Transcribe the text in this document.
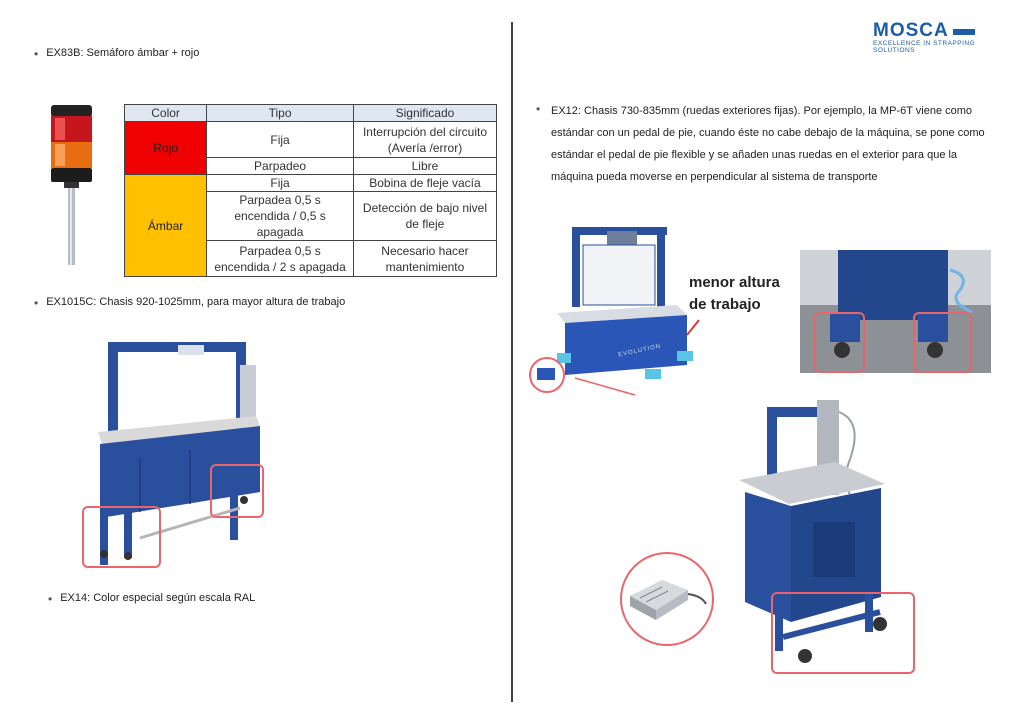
MOSCA
EXCELLENCE IN STRAPPING SOLUTIONS
• EX83B: Semáforo ámbar + rojo
Color	Tipo	Significado
Rojo	Fija	Interrupción del circuito (Avería /error)
	Parpadeo	Libre
Ámbar	Fija	Bobina de fleje vacía
	Parpadea 0,5 s encendida / 0,5 s apagada	Detección de bajo nivel de fleje
	Parpadea 0,5 s encendida / 2 s apagada	Necesario hacer mantenimiento
• EX1015C: Chasis 920-1025mm, para mayor altura de trabajo
• EX14: Color especial según escala RAL
• EX12: Chasis 730-835mm (ruedas exteriores fijas). Por ejemplo, la MP-6T viene como estándar con un pedal de pie, cuando éste no cabe debajo de la máquina, se pone como estándar el pedal de pie flexible y se añaden unas ruedas en el exterior para que la máquina pueda moverse en perpendicular al sistema de transporte
EVOLUTION
menor altura de trabajo
